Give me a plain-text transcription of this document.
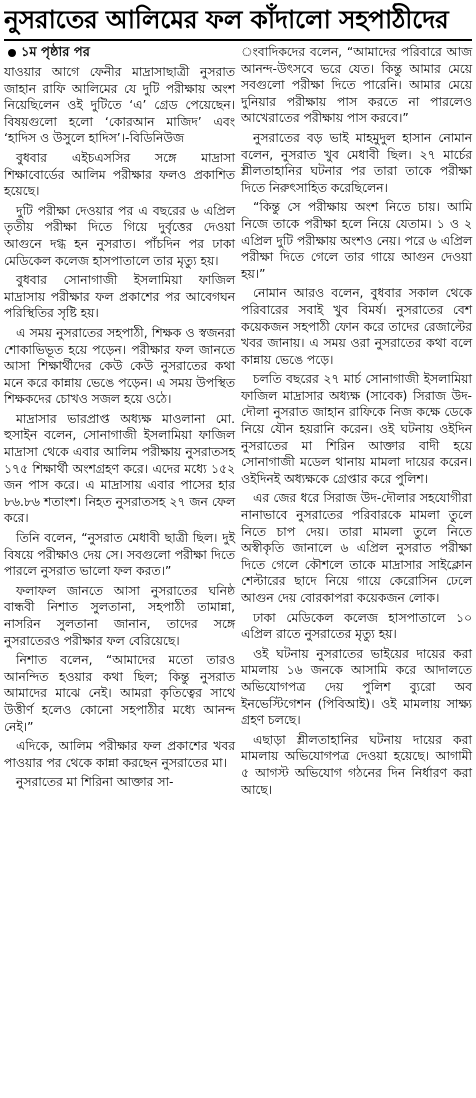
নুসরাতের আলিমের ফল কাঁদালো সহপাঠীদের
১ম পৃষ্ঠার পর

যাওয়ার আগে ফেনীর মাদ্রাসাছাত্রী নুসরাত জাহান রাফি আলিমের যে দুটি পরীক্ষায় অংশ নিয়েছিলেন ওই দুটিতে ‘এ’ গ্রেড পেয়েছেন। বিষয়গুলো হলো ‘কোরআন মাজিদ’ এবং ‘হাদিস ও উসুলে হাদিস’।-বিডিনিউজ

বুধবার এইচএসসির সঙ্গে মাদ্রাসা শিক্ষাবোর্ডের আলিম পরীক্ষার ফলও প্রকাশিত হয়েছে।

দুটি পরীক্ষা দেওয়ার পর এ বছরের ৬ এপ্রিল তৃতীয় পরীক্ষা দিতে গিয়ে দুর্বৃত্তের দেওয়া আগুনে দগ্ধ হন নুসরাত। পাঁচদিন পর ঢাকা মেডিকেল কলেজ হাসপাতালে তার মৃত্যু হয়।

বুধবার সোনাগাজী ইসলামিয়া ফাজিল মাদ্রাসায় পরীক্ষার ফল প্রকাশের পর আবেগঘন পরিস্থিতির সৃষ্টি হয়।

এ সময় নুসরাতের সহপাঠী, শিক্ষক ও স্বজনরা শোকাভিভূত হয়ে পড়েন। পরীক্ষার ফল জানতে আসা শিক্ষার্থীদের কেউ কেউ নুসরাতের কথা মনে করে কান্নায় ভেঙে পড়েন। এ সময় উপস্থিত শিক্ষকদের চোখও সজল হয়ে ওঠে।

মাদ্রাসার ভারপ্রাপ্ত অধ্যক্ষ মাওলানা মো. হুসাইন বলেন, সোনাগাজী ইসলামিয়া ফাজিল মাদ্রাসা থেকে এবার আলিম পরীক্ষায় নুসরাতসহ ১৭৫ শিক্ষার্থী অংশগ্রহণ করে। এদের মধ্যে ১৫২ জন পাস করে। এ মাদ্রাসায় এবার পাসের হার ৮৬.৮৬ শতাংশ। নিহত নুসরাতসহ ২৭ জন ফেল করে।

তিনি বলেন, “নুসরাত মেধাবী ছাত্রী ছিল। দুই বিষয়ে পরীক্ষাও দেয় সে। সবগুলো পরীক্ষা দিতে পারলে নুসরাত ভালো ফল করত।”

ফলাফল জানতে আসা নুসরাতের ঘনিষ্ঠ বান্ধবী নিশাত সুলতানা, সহপাঠী তামান্না, নাসরিন সুলতানা জানান, তাদের সঙ্গে নুসরাতেরও পরীক্ষার ফল বেরিয়েছে।

নিশাত বলেন, “আমাদের মতো তারও আনন্দিত হওয়ার কথা ছিল; কিন্তু নুসরাত আমাদের মাঝে নেই। আমরা কৃতিত্বের সাথে উত্তীর্ণ হলেও কোনো সহপাঠীর মধ্যে আনন্দ নেই।”

এদিকে, আলিম পরীক্ষার ফল প্রকাশের খবর পাওয়ার পর থেকে কান্না করছেন নুসরাতের মা।

নুসরাতের মা শিরিনা আক্তার সা-

ংবাদিকদের বলেন, “আমাদের পরিবারে আজ আনন্দ-উৎসবে ভরে যেত। কিন্তু আমার মেয়ে সবগুলো পরীক্ষা দিতে পারেনি। আমার মেয়ে দুনিয়ার পরীক্ষায় পাস করতে না পারলেও আখেরাতের পরীক্ষায় পাস করবে।”

নুসরাতের বড় ভাই মাহমুদুল হাসান নোমান বলেন, নুসরাত খুব মেধাবী ছিল। ২৭ মার্চের শ্লীলতাহানির ঘটনার পর তারা তাকে পরীক্ষা দিতে নিরুৎসাহিত করেছিলেন।

“কিন্তু সে পরীক্ষায় অংশ নিতে চায়। আমি নিজে তাকে পরীক্ষা হলে নিয়ে যেতাম। ১ ও ২ এপ্রিল দুটি পরীক্ষায় অংশও নেয়। পরে ৬ এপ্রিল পরীক্ষা দিতে গেলে তার গায়ে আগুন দেওয়া হয়।”

নোমান আরও বলেন, বুধবার সকাল থেকে পরিবারের সবাই খুব বিমর্ষ। নুসরাতের বেশ কয়েকজন সহপাঠী ফোন করে তাদের রেজাল্টের খবর জানায়। এ সময় ওরা নুসরাতের কথা বলে কান্নায় ভেঙে পড়ে।

চলতি বছরের ২৭ মার্চ সোনাগাজী ইসলামিয়া ফাজিল মাদ্রাসার অধ্যক্ষ (সাবেক) সিরাজ উদ-দৌলা নুসরাত জাহান রাফিকে নিজ কক্ষে ডেকে নিয়ে যৌন হয়রানি করেন। ওই ঘটনায় ওইদিন নুসরাতের মা শিরিন আক্তার বাদী হয়ে সোনাগাজী মডেল থানায় মামলা দায়ের করেন। ওইদিনই অধ্যক্ষকে গ্রেপ্তার করে পুলিশ।

এর জের ধরে সিরাজ উদ-দৌলার সহযোগীরা নানাভাবে নুসরাতের পরিবারকে মামলা তুলে নিতে চাপ দেয়। তারা মামলা তুলে নিতে অস্বীকৃতি জানালে ৬ এপ্রিল নুসরাত পরীক্ষা দিতে গেলে কৌশলে তাকে মাদ্রাসার সাইক্লোন শেল্টারের ছাদে নিয়ে গায়ে কেরোসিন ঢেলে আগুন দেয় বোরকাপরা কয়েকজন লোক।

ঢাকা মেডিকেল কলেজ হাসপাতালে ১০ এপ্রিল রাতে নুসরাতের মৃত্যু হয়।

ওই ঘটনায় নুসরাতের ভাইয়ের দায়ের করা মামলায় ১৬ জনকে আসামি করে আদালতে অভিযোগপত্র দেয় পুলিশ ব্যুরো অব ইনভেস্টিগেশন (পিবিআই)। ওই মামলায় সাক্ষ্য গ্রহণ চলছে।

এছাড়া শ্লীলতাহানির ঘটনায় দায়ের করা মামলায় অভিযোগপত্র দেওয়া হয়েছে। আগামী ৫ আগস্ট অভিযোগ গঠনের দিন নির্ধারণ করা আছে।
